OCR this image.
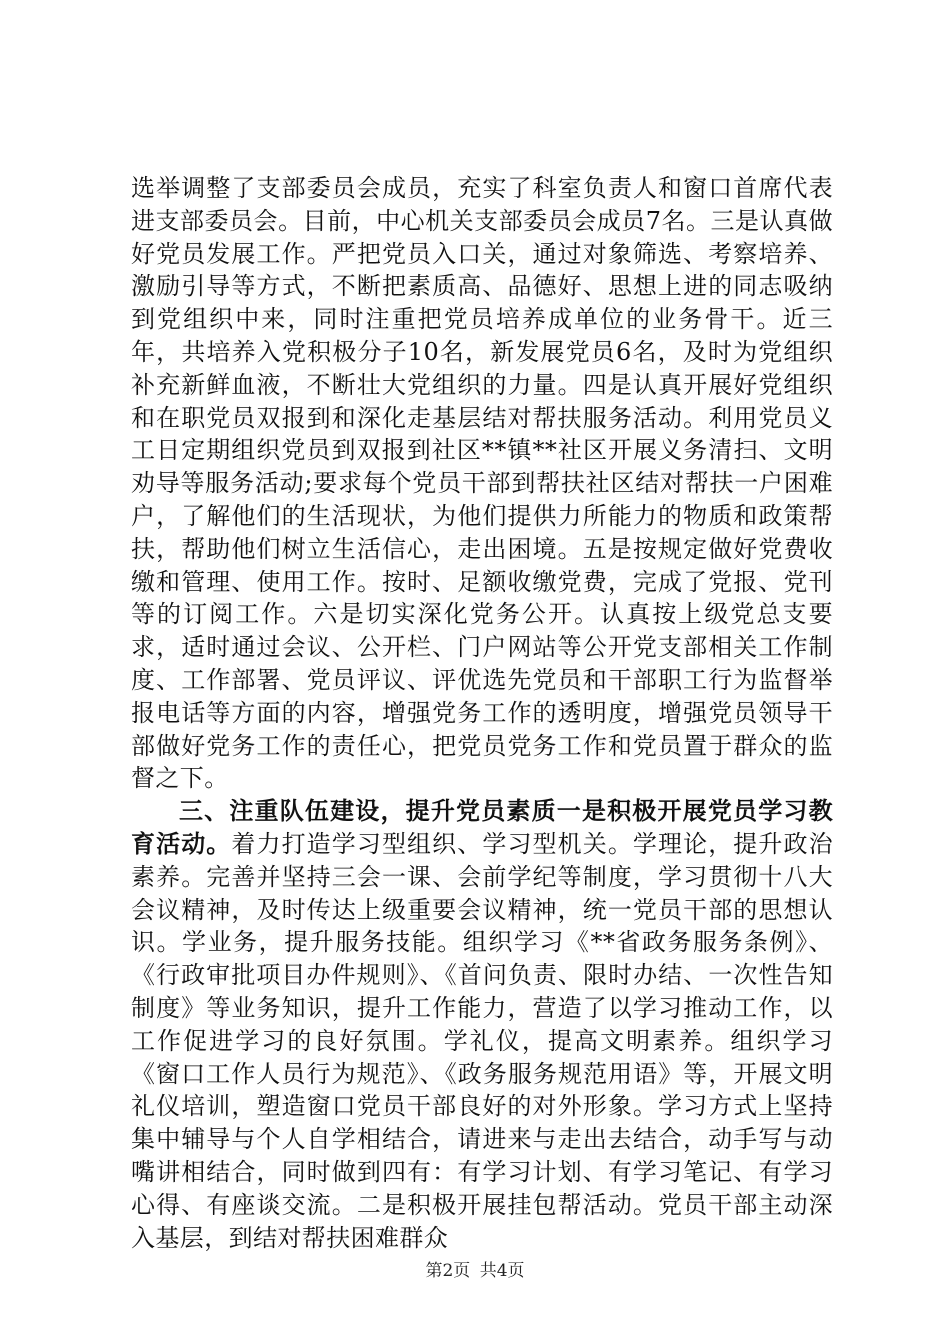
选举调整了支部委员会成员，充实了科室负责人和窗口首席代表进支部委员会。目前，中心机关支部委员会成员7名。三是认真做好党员发展工作。严把党员入口关，通过对象筛选、考察培养、激励引导等方式，不断把素质高、品德好、思想上进的同志吸纳到党组织中来，同时注重把党员培养成单位的业务骨干。近三年，共培养入党积极分子10名，新发展党员6名，及时为党组织补充新鲜血液，不断壮大党组织的力量。四是认真开展好党组织和在职党员双报到和深化走基层结对帮扶服务活动。利用党员义工日定期组织党员到双报到社区**镇**社区开展义务清扫、文明劝导等服务活动;要求每个党员干部到帮扶社区结对帮扶一户困难户，了解他们的生活现状，为他们提供力所能力的物质和政策帮扶，帮助他们树立生活信心，走出困境。五是按规定做好党费收缴和管理、使用工作。按时、足额收缴党费，完成了党报、党刊等的订阅工作。六是切实深化党务公开。认真按上级党总支要求，适时通过会议、公开栏、门户网站等公开党支部相关工作制度、工作部署、党员评议、评优选先党员和干部职工行为监督举报电话等方面的内容，增强党务工作的透明度，增强党员领导干部做好党务工作的责任心，把党员党务工作和党员置于群众的监督之下。

三、注重队伍建设，提升党员素质一是积极开展党员学习教育活动。着力打造学习型组织、学习型机关。学理论，提升政治素养。完善并坚持三会一课、会前学纪等制度，学习贯彻十八大会议精神，及时传达上级重要会议精神，统一党员干部的思想认识。学业务，提升服务技能。组织学习《**省政务服务条例》、《行政审批项目办件规则》、《首问负责、限时办结、一次性告知制度》等业务知识，提升工作能力，营造了以学习推动工作，以工作促进学习的良好氛围。学礼仪，提高文明素养。组织学习《窗口工作人员行为规范》、《政务服务规范用语》等，开展文明礼仪培训，塑造窗口党员干部良好的对外形象。学习方式上坚持集中辅导与个人自学相结合，请进来与走出去结合，动手写与动嘴讲相结合，同时做到四有：有学习计划、有学习笔记、有学习心得、有座谈交流。二是积极开展挂包帮活动。党员干部主动深入基层，到结对帮扶困难群众

第2页 共4页
